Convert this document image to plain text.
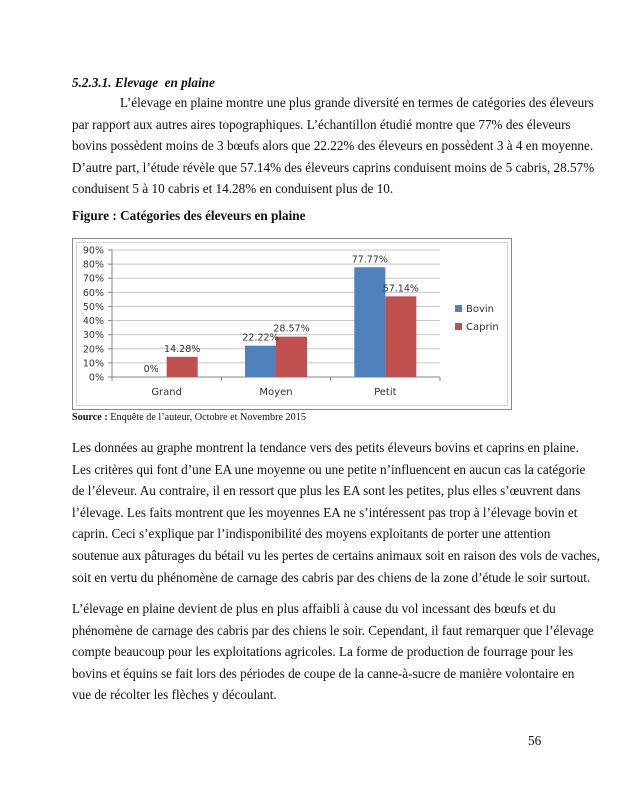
5.2.3.1. Elevage  en plaine
L’élevage en plaine montre une plus grande diversité en termes de catégories des éleveurs
par rapport aux autres aires topographiques. L’échantillon étudié montre que 77% des éleveurs
bovins possèdent moins de 3 bœufs alors que 22.22% des éleveurs en possèdent 3 à 4 en moyenne.
D’autre part, l’étude révèle que 57.14% des éleveurs caprins conduisent moins de 5 cabris, 28.57%
conduisent 5 à 10 cabris et 14.28% en conduisent plus de 10.
Figure : Catégories des éleveurs en plaine
0%
10%
20%
30%
40%
50%
60%
70%
80%
90%
0%
14.28%
22.22%
28.57%
77.77%
57.14%
Grand	Moyen	Petit
Bovin
Caprin
Source : Enquête de l’auteur, Octobre et Novembre 2015
Les données au graphe montrent la tendance vers des petits éleveurs bovins et caprins en plaine.
Les critères qui font d’une EA une moyenne ou une petite n’influencent en aucun cas la catégorie
de l’éleveur. Au contraire, il en ressort que plus les EA sont les petites, plus elles s’œuvrent dans
l’élevage. Les faits montrent que les moyennes EA ne s’intéressent pas trop à l’élevage bovin et
caprin. Ceci s’explique par l’indisponibilité des moyens exploitants de porter une attention
soutenue aux pâturages du bétail vu les pertes de certains animaux soit en raison des vols de vaches,
soit en vertu du phénomène de carnage des cabris par des chiens de la zone d’étude le soir surtout.
L’élevage en plaine devient de plus en plus affaibli à cause du vol incessant des bœufs et du
phénomène de carnage des cabris par des chiens le soir. Cependant, il faut remarquer que l’élevage
compte beaucoup pour les exploitations agricoles. La forme de production de fourrage pour les
bovins et équins se fait lors des périodes de coupe de la canne-à-sucre de manière volontaire en
vue de récolter les flèches y découlant.
56
